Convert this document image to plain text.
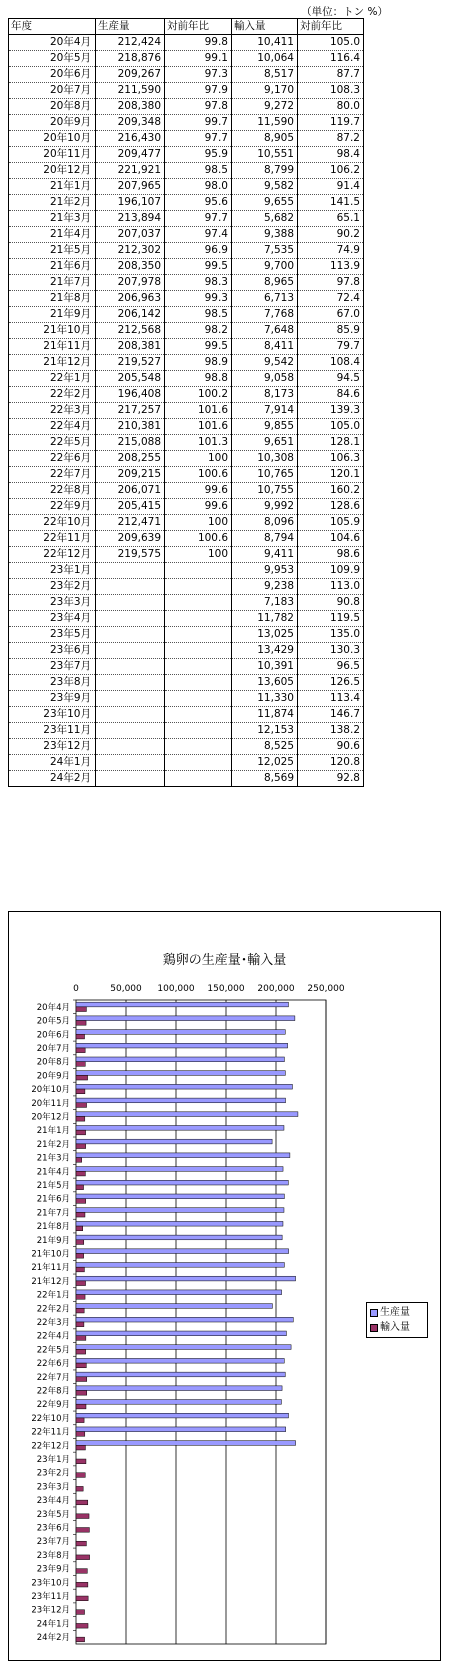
（単位：トン %）
年度	生産量	対前年比	輸入量	対前年比
20年4月	212,424	99.8	10,411	105.0
20年5月	218,876	99.1	10,064	116.4
20年6月	209,267	97.3	8,517	87.7
20年7月	211,590	97.9	9,170	108.3
20年8月	208,380	97.8	9,272	80.0
20年9月	209,348	99.7	11,590	119.7
20年10月	216,430	97.7	8,905	87.2
20年11月	209,477	95.9	10,551	98.4
20年12月	221,921	98.5	8,799	106.2
21年1月	207,965	98.0	9,582	91.4
21年2月	196,107	95.6	9,655	141.5
21年3月	213,894	97.7	5,682	65.1
21年4月	207,037	97.4	9,388	90.2
21年5月	212,302	96.9	7,535	74.9
21年6月	208,350	99.5	9,700	113.9
21年7月	207,978	98.3	8,965	97.8
21年8月	206,963	99.3	6,713	72.4
21年9月	206,142	98.5	7,768	67.0
21年10月	212,568	98.2	7,648	85.9
21年11月	208,381	99.5	8,411	79.7
21年12月	219,527	98.9	9,542	108.4
22年1月	205,548	98.8	9,058	94.5
22年2月	196,408	100.2	8,173	84.6
22年3月	217,257	101.6	7,914	139.3
22年4月	210,381	101.6	9,855	105.0
22年5月	215,088	101.3	9,651	128.1
22年6月	208,255	100	10,308	106.3
22年7月	209,215	100.6	10,765	120.1
22年8月	206,071	99.6	10,755	160.2
22年9月	205,415	99.6	9,992	128.6
22年10月	212,471	100	8,096	105.9
22年11月	209,639	100.6	8,794	104.6
22年12月	219,575	100	9,411	98.6
23年1月			9,953	109.9
23年2月			9,238	113.0
23年3月			7,183	90.8
23年4月			11,782	119.5
23年5月			13,025	135.0
23年6月			13,429	130.3
23年7月			10,391	96.5
23年8月			13,605	126.5
23年9月			11,330	113.4
23年10月			11,874	146.7
23年11月			12,153	138.2
23年12月			8,525	90.6
24年1月			12,025	120.8
24年2月			8,569	92.8
鶏卵の生産量･輸入量
0	50,000 100,000 150,000 200,000 250,000
20年4月
20年5月
20年6月
20年7月
20年8月
20年9月
20年10月
20年11月
20年12月
21年1月
21年2月
21年3月
21年4月
21年5月
21年6月
21年7月
21年8月
21年9月
21年10月
21年11月
21年12月
22年1月
22年2月
22年3月
22年4月
22年5月
22年6月
22年7月
22年8月
22年9月
22年10月
22年11月
22年12月
23年1月
23年2月
23年3月
23年4月
23年5月
23年6月
23年7月
23年8月
23年9月
23年10月
23年11月
23年12月
24年1月
24年2月
生産量
輸入量
